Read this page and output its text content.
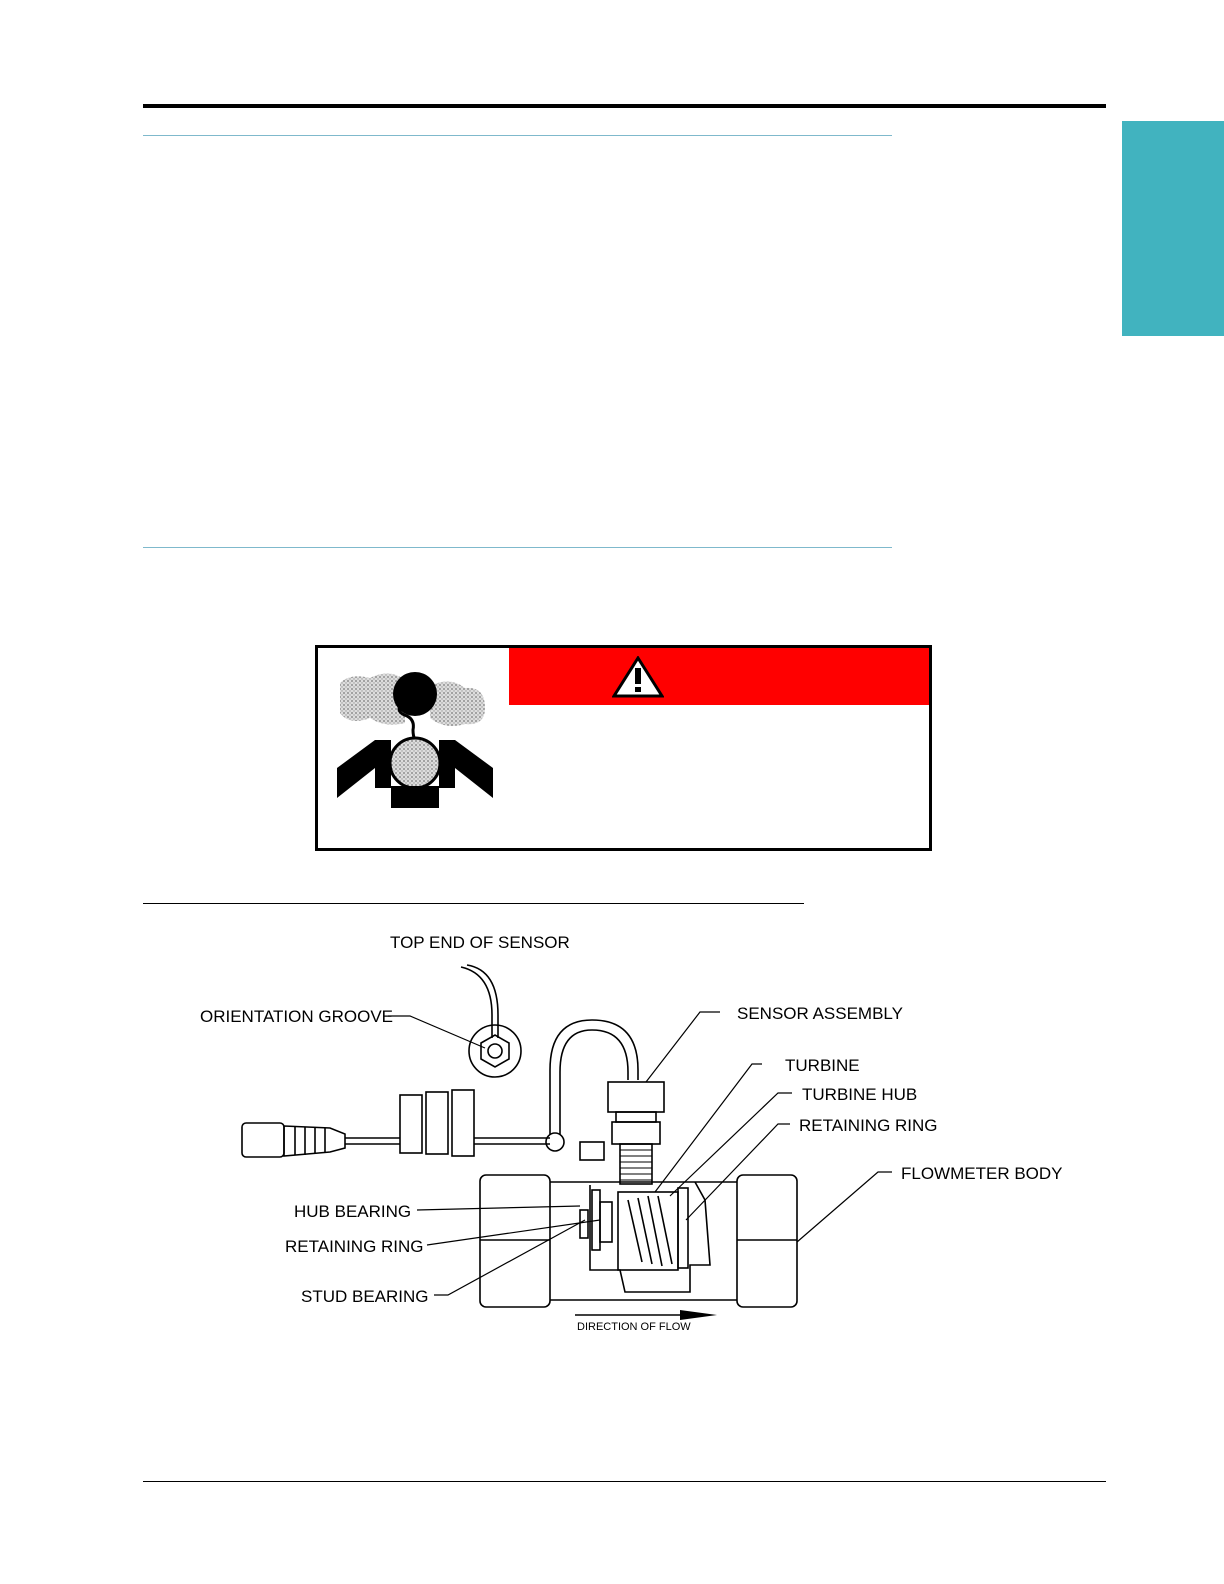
TOP END OF SENSOR
ORIENTATION GROOVE	SENSOR ASSEMBLY
TURBINE
TURBINE HUB
RETAINING RING
FLOWMETER BODY
HUB BEARING
RETAINING RING
STUD BEARING
DIRECTION OF FLOW
